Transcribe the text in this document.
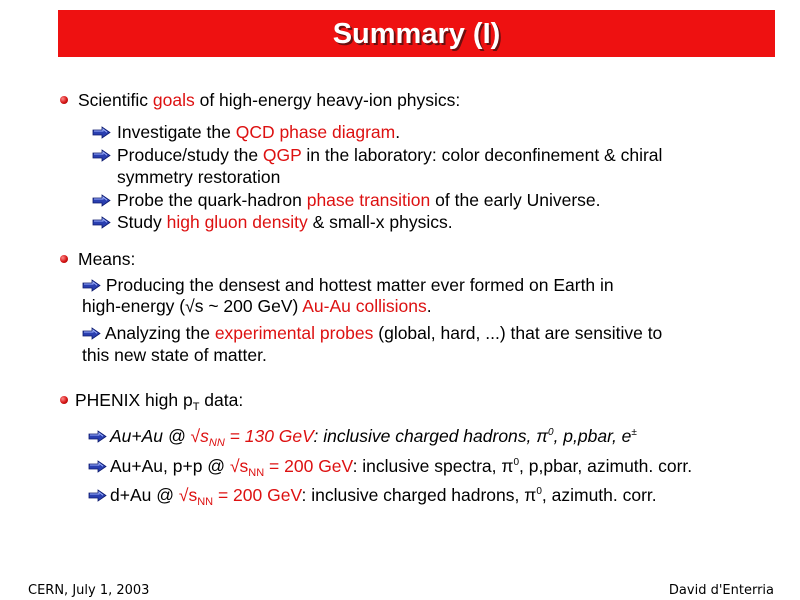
Summary (I)
Scientific goals of high-energy heavy-ion physics:
Investigate the QCD phase diagram.
Produce/study the QGP in the laboratory: color deconfinement & chiral
symmetry restoration
Probe the quark-hadron phase transition of the early Universe.
Study high gluon density & small-x physics.
Means:
Producing the densest and hottest matter ever formed on Earth in
high-energy (√s ~ 200 GeV) Au-Au collisions.
Analyzing the experimental probes (global, hard, ...) that are sensitive to
this new state of matter.
PHENIX high $p_T$ data:
Au+Au @ $√s_{NN} = 130$ GeV: inclusive charged hadrons, $\pi^0$, p,pbar, e±
Au+Au, p+p @ $√s_{NN} = 200$ GeV: inclusive spectra, $\pi^0$, p,pbar, azimuth. corr.
d+Au @ $√s_{NN} = 200$ GeV: inclusive charged hadrons, $\pi^0$, azimuth. corr.
CERN, July 1, 2003	David d'Enterria
